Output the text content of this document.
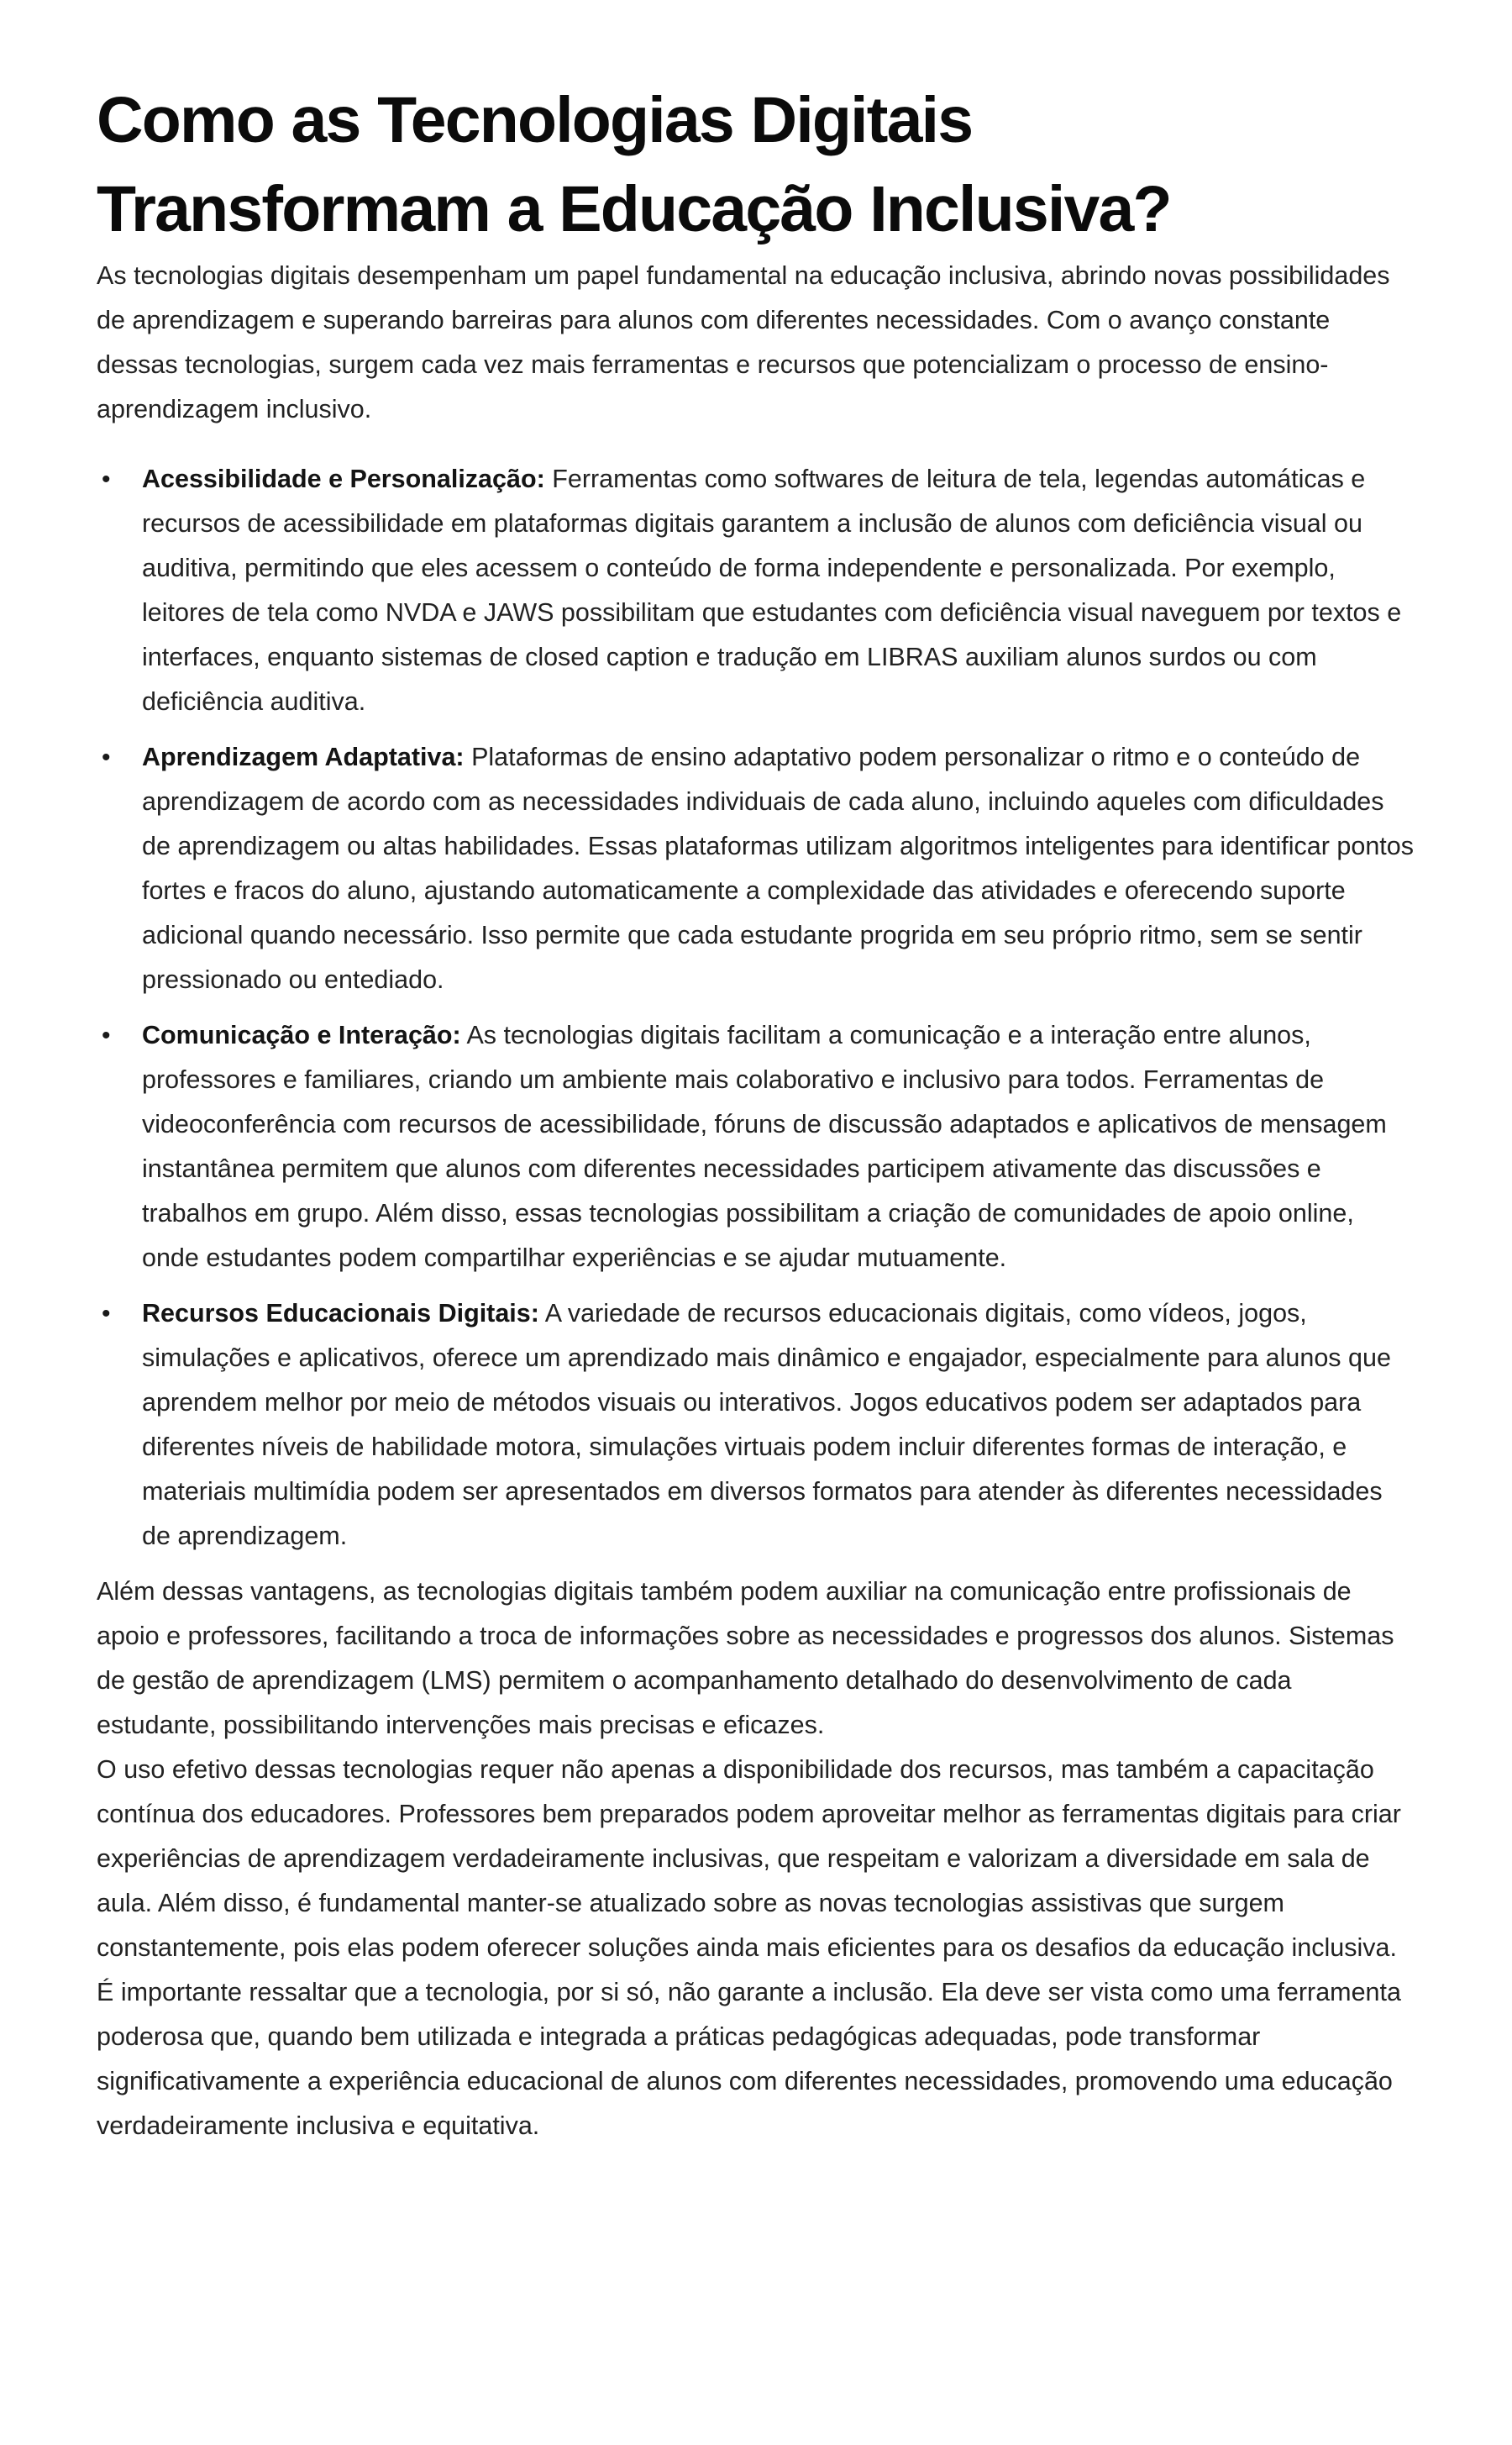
Como as Tecnologias Digitais
Transformam a Educação Inclusiva?

As tecnologias digitais desempenham um papel fundamental na educação inclusiva, abrindo novas possibilidades de aprendizagem e superando barreiras para alunos com diferentes necessidades. Com o avanço constante dessas tecnologias, surgem cada vez mais ferramentas e recursos que potencializam o processo de ensino-aprendizagem inclusivo.

• Acessibilidade e Personalização: Ferramentas como softwares de leitura de tela, legendas automáticas e recursos de acessibilidade em plataformas digitais garantem a inclusão de alunos com deficiência visual ou auditiva, permitindo que eles acessem o conteúdo de forma independente e personalizada. Por exemplo, leitores de tela como NVDA e JAWS possibilitam que estudantes com deficiência visual naveguem por textos e interfaces, enquanto sistemas de closed caption e tradução em LIBRAS auxiliam alunos surdos ou com deficiência auditiva.
• Aprendizagem Adaptativa: Plataformas de ensino adaptativo podem personalizar o ritmo e o conteúdo de aprendizagem de acordo com as necessidades individuais de cada aluno, incluindo aqueles com dificuldades de aprendizagem ou altas habilidades. Essas plataformas utilizam algoritmos inteligentes para identificar pontos fortes e fracos do aluno, ajustando automaticamente a complexidade das atividades e oferecendo suporte adicional quando necessário. Isso permite que cada estudante progrida em seu próprio ritmo, sem se sentir pressionado ou entediado.
• Comunicação e Interação: As tecnologias digitais facilitam a comunicação e a interação entre alunos, professores e familiares, criando um ambiente mais colaborativo e inclusivo para todos. Ferramentas de videoconferência com recursos de acessibilidade, fóruns de discussão adaptados e aplicativos de mensagem instantânea permitem que alunos com diferentes necessidades participem ativamente das discussões e trabalhos em grupo. Além disso, essas tecnologias possibilitam a criação de comunidades de apoio online, onde estudantes podem compartilhar experiências e se ajudar mutuamente.
• Recursos Educacionais Digitais: A variedade de recursos educacionais digitais, como vídeos, jogos, simulações e aplicativos, oferece um aprendizado mais dinâmico e engajador, especialmente para alunos que aprendem melhor por meio de métodos visuais ou interativos. Jogos educativos podem ser adaptados para diferentes níveis de habilidade motora, simulações virtuais podem incluir diferentes formas de interação, e materiais multimídia podem ser apresentados em diversos formatos para atender às diferentes necessidades de aprendizagem.

Além dessas vantagens, as tecnologias digitais também podem auxiliar na comunicação entre profissionais de apoio e professores, facilitando a troca de informações sobre as necessidades e progressos dos alunos. Sistemas de gestão de aprendizagem (LMS) permitem o acompanhamento detalhado do desenvolvimento de cada estudante, possibilitando intervenções mais precisas e eficazes.

O uso efetivo dessas tecnologias requer não apenas a disponibilidade dos recursos, mas também a capacitação contínua dos educadores. Professores bem preparados podem aproveitar melhor as ferramentas digitais para criar experiências de aprendizagem verdadeiramente inclusivas, que respeitam e valorizam a diversidade em sala de aula. Além disso, é fundamental manter-se atualizado sobre as novas tecnologias assistivas que surgem constantemente, pois elas podem oferecer soluções ainda mais eficientes para os desafios da educação inclusiva.

É importante ressaltar que a tecnologia, por si só, não garante a inclusão. Ela deve ser vista como uma ferramenta poderosa que, quando bem utilizada e integrada a práticas pedagógicas adequadas, pode transformar significativamente a experiência educacional de alunos com diferentes necessidades, promovendo uma educação verdadeiramente inclusiva e equitativa.
